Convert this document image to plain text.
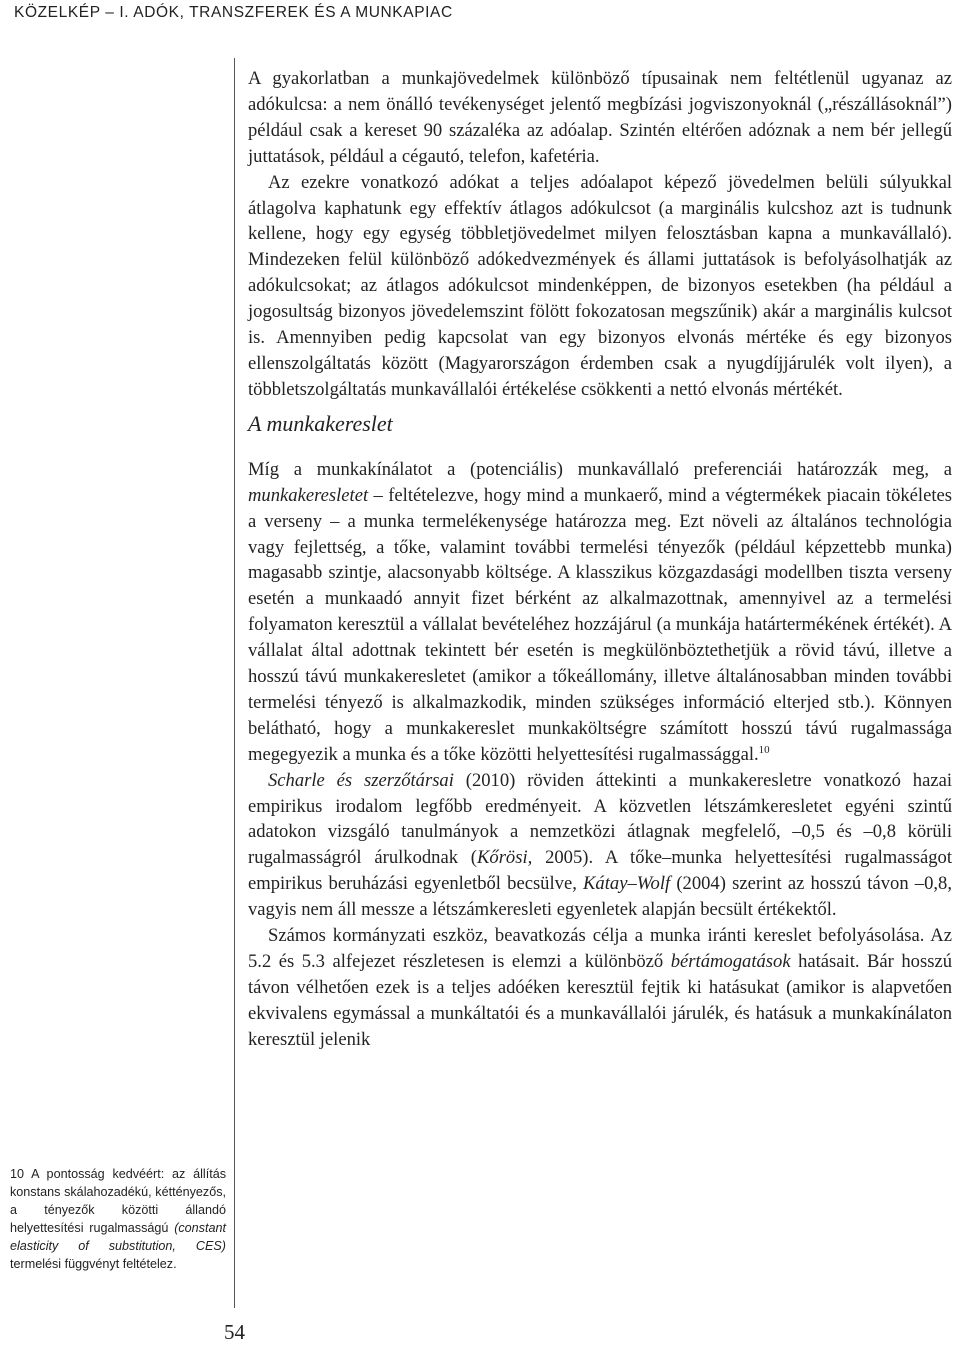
KÖZELKÉP – I. ADÓK, TRANSZFEREK ÉS A MUNKAPIAC
10 A pontosság kedvéért: az állítás konstans skálahozadékú, kéttényezős, a tényezők közötti állandó helyettesítési rugalmasságú (constant elasticity of substitution, CES) termelési függvényt feltételez.

A gyakorlatban a munkajövedelmek különböző típusainak nem feltétlenül ugyanaz az adókulcsa: a nem önálló tevékenységet jelentő megbízási jogviszonyoknál („részállásoknál”) például csak a kereset 90 százaléka az adóalap. Szintén eltérően adóznak a nem bér jellegű juttatások, például a cégautó, telefon, kafetéria.

Az ezekre vonatkozó adókat a teljes adóalapot képező jövedelmen belüli súlyukkal átlagolva kaphatunk egy effektív átlagos adókulcsot (a marginális kulcshoz azt is tudnunk kellene, hogy egy egység többletjövedelmet milyen felosztásban kapna a munkavállaló). Mindezeken felül különböző adókedvezmények és állami juttatások is befolyásolhatják az adókulcsokat; az átlagos adókulcsot mindenképpen, de bizonyos esetekben (ha például a jogosultság bizonyos jövedelemszint fölött fokozatosan megszűnik) akár a marginális kulcsot is. Amennyiben pedig kapcsolat van egy bizonyos elvonás mértéke és egy bizonyos ellenszolgáltatás között (Magyarországon érdemben csak a nyugdíjjárulék volt ilyen), a többletszolgáltatás munkavállalói értékelése csökkenti a nettó elvonás mértékét.

A munkakereslet

Míg a munkakínálatot a (potenciális) munkavállaló preferenciái határozzák meg, a munkakeresletet – feltételezve, hogy mind a munkaerő, mind a végtermékek piacain tökéletes a verseny – a munka termelékenysége határozza meg. Ezt növeli az általános technológia vagy fejlettség, a tőke, valamint további termelési tényezők (például képzettebb munka) magasabb szintje, alacsonyabb költsége. A klasszikus közgazdasági modellben tiszta verseny esetén a munkaadó annyit fizet bérként az alkalmazottnak, amennyivel az a termelési folyamaton keresztül a vállalat bevételéhez hozzájárul (a munkája határtermékének értékét). A vállalat által adottnak tekintett bér esetén is megkülönböztethetjük a rövid távú, illetve a hosszú távú munkakeresletet (amikor a tőkeállomány, illetve általánosabban minden további termelési tényező is alkalmazkodik, minden szükséges információ elterjed stb.). Könnyen belátható, hogy a munkakereslet munkaköltségre számított hosszú távú rugalmassága megegyezik a munka és a tőke közötti helyettesítési rugalmassággal.$^{10}$

Scharle és szerzőtársai (2010) röviden áttekinti a munkakeresletre vonatkozó hazai empirikus irodalom legfőbb eredményeit. A közvetlen létszámkeresletet egyéni szintű adatokon vizsgáló tanulmányok a nemzetközi átlagnak megfelelő, –0,5 és –0,8 körüli rugalmasságról árulkodnak (Kőrösi, 2005). A tőke–munka helyettesítési rugalmasságot empirikus beruházási egyenletből becsülve, Kátay–Wolf (2004) szerint az hosszú távon –0,8, vagyis nem áll messze a létszámkeresleti egyenletek alapján becsült értékektől.

Számos kormányzati eszköz, beavatkozás célja a munka iránti kereslet befolyásolása. Az 5.2 és 5.3 alfejezet részletesen is elemzi a különböző bértámogatások hatásait. Bár hosszú távon vélhetően ezek is a teljes adóéken keresztül fejtik ki hatásukat (amikor is alapvetően ekvivalens egymással a munkáltatói és a munkavállalói járulék, és hatásuk a munkakínálaton keresztül jelenik

54
